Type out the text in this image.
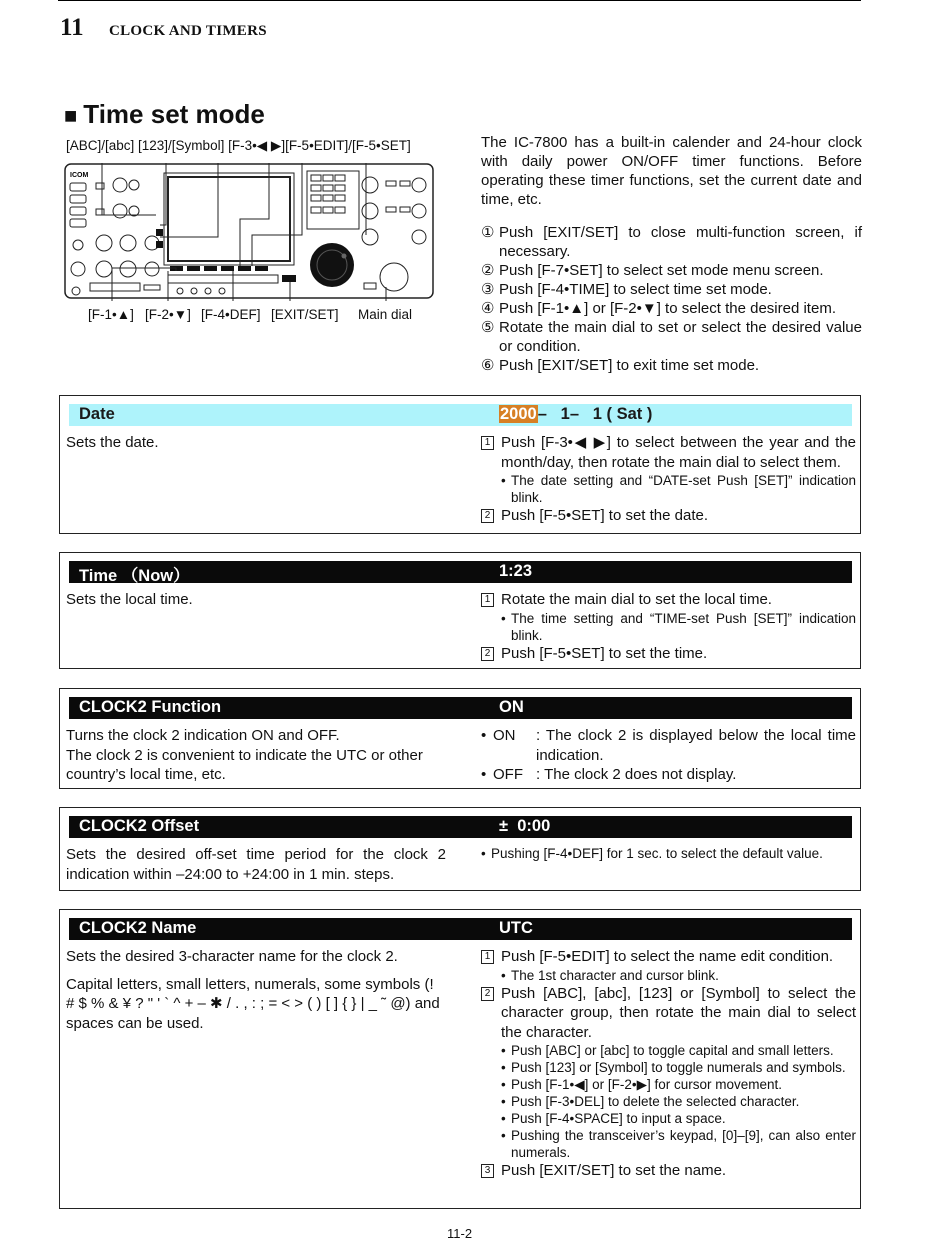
11 CLOCK AND TIMERS
■ Time set mode
[ABC]/[abc] [123]/[Symbol] [F-3•◀ ▶][F-5•EDIT]/[F-5•SET]
ICOM
[F-1•▲] [F-2•▼] [F-4•DEF] [EXIT/SET] Main dial

The IC-7800 has a built-in calender and 24-hour clock with daily power ON/OFF timer functions. Before operating these timer functions, set the current date and time, etc.

① Push [EXIT/SET] to close multi-function screen, if necessary.
② Push [F-7•SET] to select set mode menu screen.
③ Push [F-4•TIME] to select time set mode.
④ Push [F-1•▲] or [F-2•▼] to select the desired item.
⑤ Rotate the main dial to set or select the desired value or condition.
⑥ Push [EXIT/SET] to exit time set mode.
Date	2000–   1–   1 ( Sat )
Sets the date.	1 Push [F-3•◀ ▶] to select between the year and the month/day, then rotate the main dial to select them.
• The date setting and “DATE-set Push [SET]” indication blink.
2 Push [F-5•SET] to set the date.
Time （Now）	1:23
Sets the local time.	1 Rotate the main dial to set the local time.
• The time setting and “TIME-set Push [SET]” indication blink.
2 Push [F-5•SET] to set the time.
CLOCK2 Function	ON
Turns the clock 2 indication ON and OFF.
The clock 2 is convenient to indicate the UTC or other country’s local time, etc.
• ON : The clock 2 is displayed below the local time indication.
• OFF : The clock 2 does not display.
CLOCK2 Offset	±  0:00
Sets the desired off-set time period for the clock 2 indication within –24:00 to +24:00 in 1 min. steps.
• Pushing [F-4•DEF] for 1 sec. to select the default value.
CLOCK2 Name	UTC

Sets the desired 3-character name for the clock 2.

Capital letters, small letters, numerals, some symbols (! # $ % & ¥ ? " ' ` ^ + – ✱ / . , : ; = < > ( ) [ ] { } | _ ˜ @) and spaces can be used.

1 Push [F-5•EDIT] to select the name edit condition.
• The 1st character and cursor blink.
2 Push [ABC], [abc], [123] or [Symbol] to select the character group, then rotate the main dial to select the character.
• Push [ABC] or [abc] to toggle capital and small letters.
• Push [123] or [Symbol] to toggle numerals and symbols.
• Push [F-1•◀] or [F-2•▶] for cursor movement.
• Push [F-3•DEL] to delete the selected character.
• Push [F-4•SPACE] to input a space.
• Pushing the transceiver’s keypad, [0]–[9], can also enter numerals.
3 Push [EXIT/SET] to set the name.
11-2
